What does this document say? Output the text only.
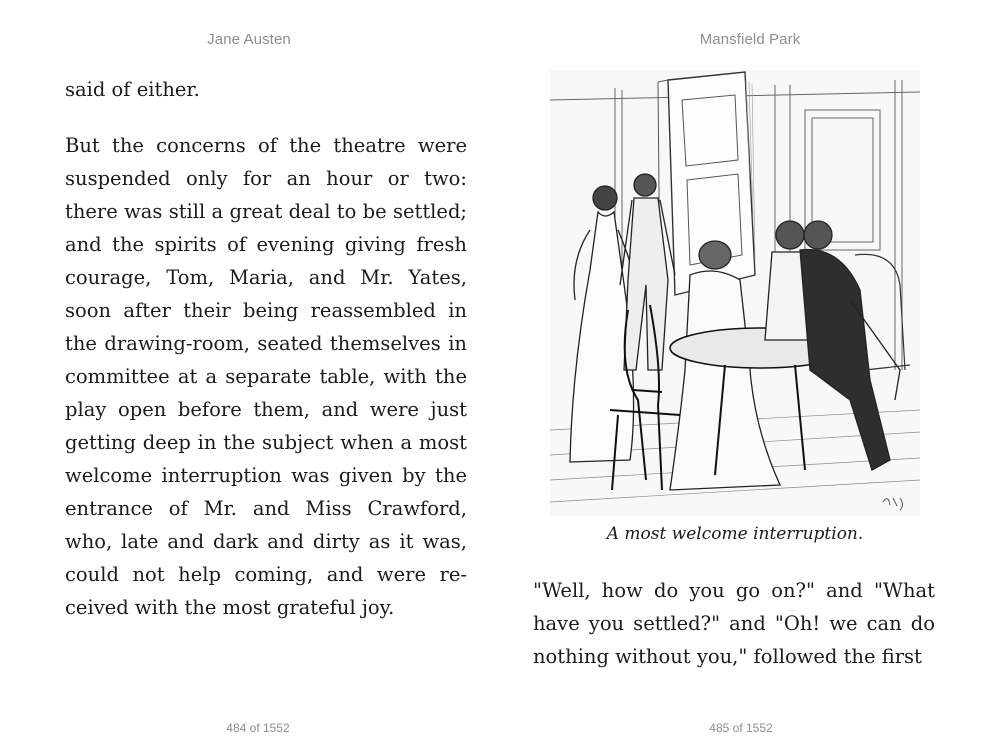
Jane Austen

said of either.

But the concerns of the theatre were suspended only for an hour or two: there was still a great deal to be settled; and the spirits of evening giving fresh courage, Tom, Maria, and Mr. Yates, soon after their being reassembled in the drawing-room, seated themselves in committee at a separate table, with the play open before them, and were just getting deep in the subject when a most welcome interruption was given by the entrance of Mr. and Miss Crawford, who, late and dark and dirty as it was, could not help coming, and were received with the most grateful joy.

484 of 1552
Mansfield Park
A most welcome interruption.

"Well, how do you go on?" and "What have you settled?" and "Oh! we can do nothing without you," followed the first

485 of 1552
